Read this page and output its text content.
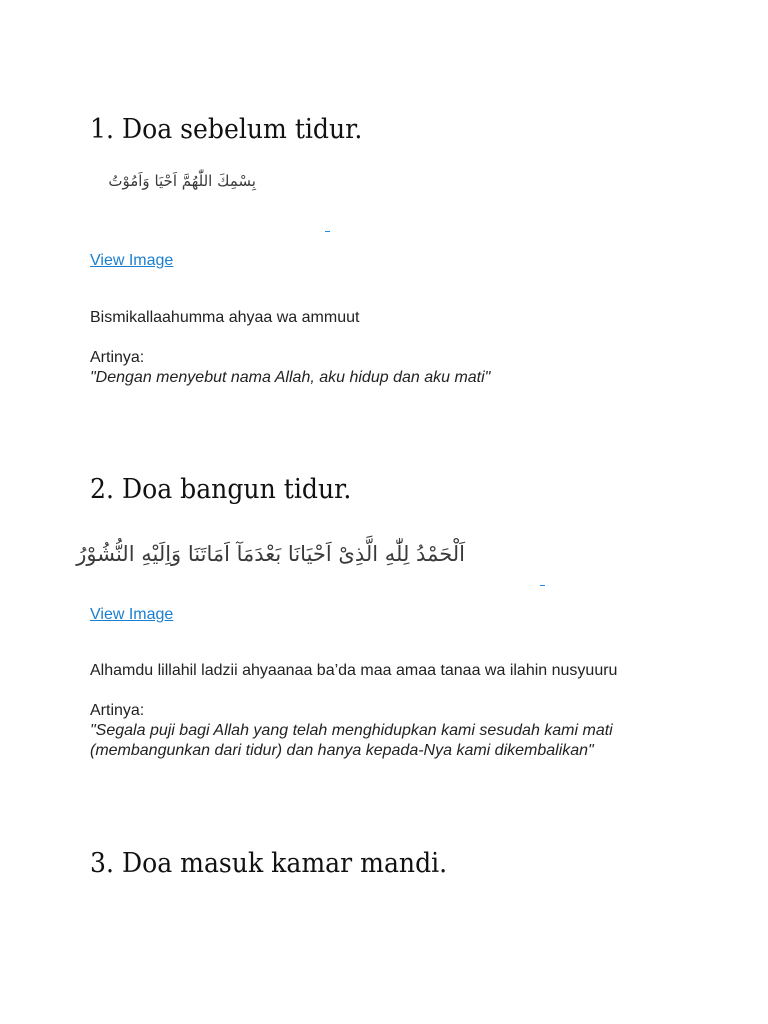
1. Doa sebelum tidur.
بِسْمِكَ اللّٰهُمَّ اَحْيَا وَاَمُوْتُ
View Image
Bismikallaahumma ahyaa wa ammuut
Artinya:
"Dengan menyebut nama Allah, aku hidup dan aku mati"
2. Doa bangun tidur.
اَلْحَمْدُ لِلّٰهِ الَّذِىْ اَحْيَانَا بَعْدَمَآ اَمَاتَنَا وَاِلَيْهِ النُّشُوْرُ
View Image
Alhamdu lillahil ladzii ahyaanaa ba’da maa amaa tanaa wa ilahin nusyuuru
Artinya:
"Segala puji bagi Allah yang telah menghidupkan kami sesudah kami mati
(membangunkan dari tidur) dan hanya kepada-Nya kami dikembalikan"
3. Doa masuk kamar mandi.
